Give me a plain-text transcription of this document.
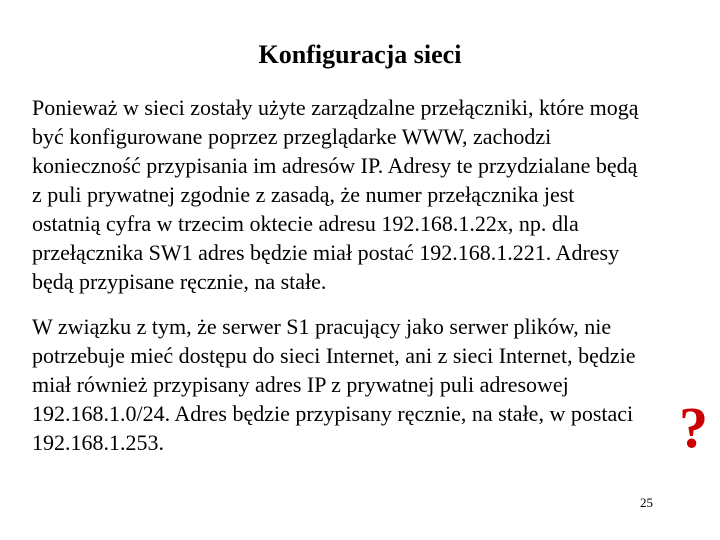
Konfiguracja sieci

Ponieważ w sieci zostały użyte zarządzalne przełączniki, które mogą
być konfigurowane poprzez przeglądarke WWW, zachodzi
konieczność przypisania im adresów IP. Adresy te przydzialane będą
z puli prywatnej zgodnie z zasadą, że numer przełącznika jest
ostatnią cyfra w trzecim oktecie adresu 192.168.1.22x, np. dla
przełącznika SW1 adres będzie miał postać 192.168.1.221. Adresy
będą przypisane ręcznie, na stałe.

W związku z tym, że serwer S1 pracujący jako serwer plików, nie
potrzebuje mieć dostępu do sieci Internet, ani z sieci Internet, będzie
miał również przypisany adres IP z prywatnej puli adresowej
192.168.1.0/24. Adres będzie przypisany ręcznie, na stałe, w postaci
192.168.1.253.	?
25
